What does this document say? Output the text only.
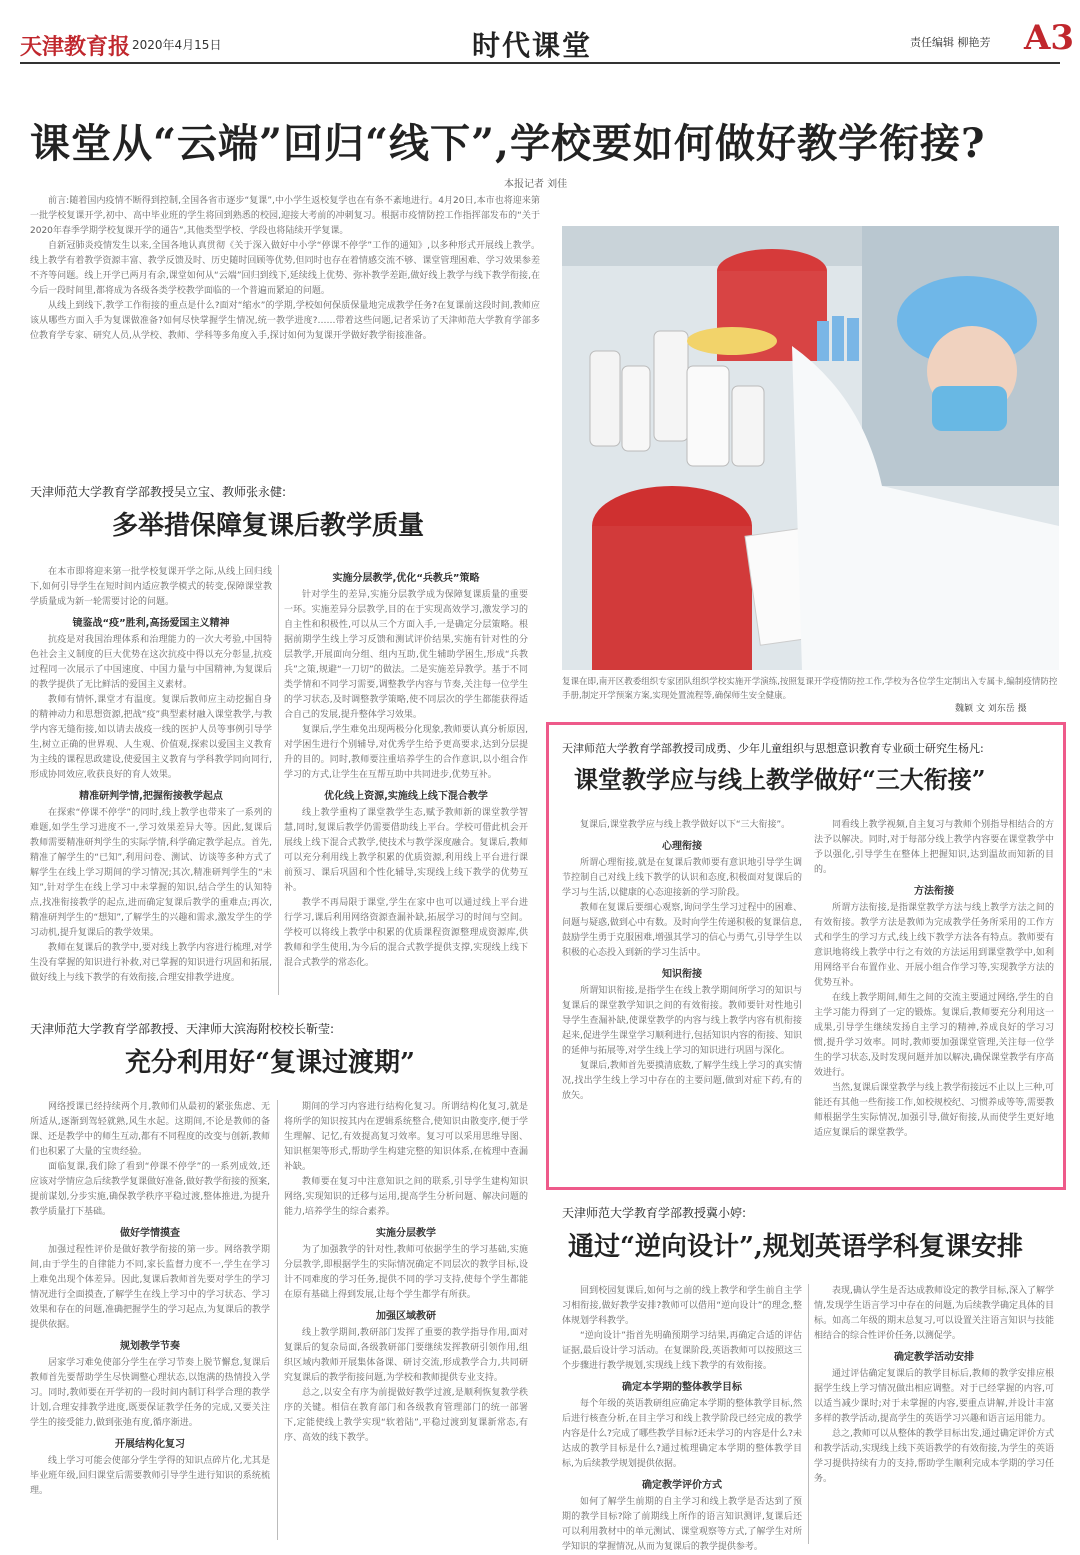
天津教育报 2020年4月15日	时代课堂	责任编辑 柳艳芳 A3
课堂从“云端”回归“线下”,学校要如何做好教学衔接?
本报记者 刘佳

前言:随着国内疫情不断得到控制,全国各省市逐步“复课”,中小学生返校复学也在有条不紊地进行。4月20日,本市也将迎来第一批学校复课开学,初中、高中毕业班的学生将回到熟悉的校园,迎接大考前的冲刺复习。根据市疫情防控工作指挥部发布的“关于2020年春季学期学校复课开学的通告”,其他类型学校、学段也将陆续开学复课。

自新冠肺炎疫情发生以来,全国各地认真贯彻《关于深入做好中小学“停课不停学”工作的通知》,以多种形式开展线上教学。线上教学有着教学资源丰富、教学反馈及时、历史随时回顾等优势,但同时也存在着情感交流不够、课堂管理困难、学习效果参差不齐等问题。线上开学已两月有余,课堂如何从“云端”回归到线下,延续线上优势、弥补教学差距,做好线上教学与线下教学衔接,在今后一段时间里,都将成为各级各类学校教学面临的一个普遍而紧迫的问题。

从线上到线下,教学工作衔接的重点是什么?面对“缩水”的学期,学校如何保质保量地完成教学任务?在复课前这段时间,教师应该从哪些方面入手为复课做准备?如何尽快掌握学生情况,统一教学进度?……带着这些问题,记者采访了天津师范大学教育学部多位教育学专家、研究人员,从学校、教师、学科等多角度入手,探讨如何为复课开学做好教学衔接准备。

复课在即,南开区教委组织专家团队组织学校实施开学演练,按照复课开学疫情防控工作,学校为各位学生定制出入专属卡,编制疫情防控手册,制定开学预案方案,实现处置流程等,确保师生安全健康。
魏颖 文 刘东岳 摄
天津师范大学教育学部教授吴立宝、教师张永健:
多举措保障复课后教学质量

在本市即将迎来第一批学校复课开学之际,从线上回归线下,如何引导学生在短时间内适应教学模式的转变,保障课堂教学质量成为新一轮需要讨论的问题。

镜鉴战“疫”胜利,高扬爱国主义精神

抗疫是对我国治理体系和治理能力的一次大考验,中国特色社会主义制度的巨大优势在这次抗疫中得以充分彰显,抗疫过程同一次展示了中国速度、中国力量与中国精神,为复课后的教学提供了无比鲜活的爱国主义素材。

教师有情怀,课堂才有温度。复课后教师应主动挖掘自身的精神动力和思想资源,把战“疫”典型素材融入课堂教学,与教学内容无缝衔接,如以请去战疫一线的医护人员等事例引导学生,树立正确的世界观、人生观、价值观,探索以爱国主义教育为主线的课程思政建设,使爱国主义教育与学科教学同向同行,形成协同效应,收获良好的育人效果。

精准研判学情,把握衔接教学起点

在探索“停课不停学”的同时,线上教学也带来了一系列的难题,如学生学习进度不一,学习效果差异大等。因此,复课后教师需要精准研判学生的实际学情,科学确定教学起点。首先,精准了解学生的“已知”,利用问卷、测试、访谈等多种方式了解学生在线上学习期间的学习情况;其次,精准研判学生的“未知”,针对学生在线上学习中未掌握的知识,结合学生的认知特点,找准衔接教学的起点,进而确定复课后教学的重难点;再次,精准研判学生的“想知”,了解学生的兴趣和需求,激发学生的学习动机,提升复课后的教学效果。

教师在复课后的教学中,要对线上教学内容进行梳理,对学生没有掌握的知识进行补救,对已掌握的知识进行巩固和拓展,做好线上与线下教学的有效衔接,合理安排教学进度。

实施分层教学,优化“兵教兵”策略

针对学生的差异,实施分层教学成为保障复课质量的重要一环。实施差异分层教学,目的在于实现高效学习,激发学习的自主性和积极性,可以从三个方面入手,一是确定分层策略。根据前期学生线上学习反馈和测试评价结果,实施有针对性的分层教学,开展面向分组、组内互助,优生辅助学困生,形成“兵教兵”之策,规避“一刀切”的做法。二是实施差异教学。基于不同类学情和不同学习需要,调整教学内容与节奏,关注每一位学生的学习状态,及时调整教学策略,使不同层次的学生都能获得适合自己的发展,提升整体学习效果。

复课后,学生难免出现两极分化现象,教师要认真分析原因,对学困生进行个别辅导,对优秀学生给予更高要求,达到分层提升的目的。同时,教师要注重培养学生的合作意识,以小组合作学习的方式,让学生在互帮互助中共同进步,优势互补。

优化线上资源,实施线上线下混合教学

线上教学重构了课堂教学生态,赋予教师新的课堂教学智慧,同时,复课后教学仍需要借助线上平台。学校可借此机会开展线上线下混合式教学,使技术与教学深度融合。复课后,教师可以充分利用线上教学积累的优质资源,利用线上平台进行课前预习、课后巩固和个性化辅导,实现线上线下教学的优势互补。

教学不再局限于课堂,学生在家中也可以通过线上平台进行学习,课后利用网络资源查漏补缺,拓展学习的时间与空间。学校可以将线上教学中积累的优质课程资源整理成资源库,供教师和学生使用,为今后的混合式教学提供支撑,实现线上线下混合式教学的常态化。

天津师范大学教育学部教授、天津师大滨海附校校长靳莹:
充分利用好“复课过渡期”

网络授课已经持续两个月,教师们从最初的紧张焦虑、无所适从,逐渐到驾轻就熟,风生水起。这期间,不论是教师的备课、还是教学中的师生互动,都有不同程度的改变与创新,教师们也积累了大量的宝贵经验。

面临复课,我们除了看到“停课不停学”的一系列成效,还应该对学情应急后续教学复课做好准备,做好教学衔接的预案,提前谋划,分步实施,确保教学秩序平稳过渡,整体推进,为提升教学质量打下基础。

做好学情摸查

加强过程性评价是做好教学衔接的第一步。网络教学期间,由于学生的自律能力不同,家长监督力度不一,学生在学习上难免出现个体差异。因此,复课后教师首先要对学生的学习情况进行全面摸查,了解学生在线上学习中的学习状态、学习效果和存在的问题,准确把握学生的学习起点,为复课后的教学提供依据。

规划教学节奏

居家学习难免使部分学生在学习节奏上脱节懈怠,复课后教师首先要帮助学生尽快调整心理状态,以饱满的热情投入学习。同时,教师要在开学初的一段时间内制订科学合理的教学计划,合理安排教学进度,既要保证教学任务的完成,又要关注学生的接受能力,做到张弛有度,循序渐进。

开展结构化复习

线上学习可能会使部分学生学得的知识点碎片化,尤其是毕业班年级,回归课堂后需要教师引导学生进行知识的系统梳理。

期间的学习内容进行结构化复习。所谓结构化复习,就是将所学的知识按其内在逻辑系统整合,使知识由散变序,便于学生理解、记忆,有效提高复习效率。复习可以采用思维导图、知识框架等形式,帮助学生构建完整的知识体系,在梳理中查漏补缺。

教师要在复习中注意知识之间的联系,引导学生建构知识网络,实现知识的迁移与运用,提高学生分析问题、解决问题的能力,培养学生的综合素养。

实施分层教学

为了加强教学的针对性,教师可依据学生的学习基础,实施分层教学,即根据学生的实际情况确定不同层次的教学目标,设计不同难度的学习任务,提供不同的学习支持,使每个学生都能在原有基础上得到发展,让每个学生都学有所获。

加强区域教研

线上教学期间,教研部门发挥了重要的教学指导作用,面对复课后的复杂局面,各级教研部门要继续发挥教研引领作用,组织区域内教师开展集体备课、研讨交流,形成教学合力,共同研究复课后的教学衔接问题,为学校和教师提供专业支持。

总之,以安全有序为前提做好教学过渡,是顺利恢复教学秩序的关键。相信在教育部门和各级教育管理部门的统一部署下,定能使线上教学实现“软着陆”,平稳过渡到复课新常态,有序、高效的线下教学。

天津师范大学教育学部教授司成勇、少年儿童组织与思想意识教育专业硕士研究生杨凡:
课堂教学应与线上教学做好“三大衔接”

复课后,课堂教学应与线上教学做好以下“三大衔接”。

心理衔接

所谓心理衔接,就是在复课后教师要有意识地引导学生调节控制自己对线上线下教学的认识和态度,积极面对复课后的学习与生活,以健康的心态迎接新的学习阶段。

教师在复课后要细心观察,询问学生学习过程中的困难、问题与疑惑,做到心中有数。及时向学生传递积极的复课信息,鼓励学生勇于克服困难,增强其学习的信心与勇气,引导学生以积极的心态投入到新的学习生活中。

知识衔接

所谓知识衔接,是指学生在线上教学期间所学习的知识与复课后的课堂教学知识之间的有效衔接。教师要针对性地引导学生查漏补缺,使课堂教学的内容与线上教学内容有机衔接起来,促进学生课堂学习顺利进行,包括知识内容的衔接、知识的延伸与拓展等,对学生线上学习的知识进行巩固与深化。

复课后,教师首先要摸清底数,了解学生线上学习的真实情况,找出学生线上学习中存在的主要问题,做到对症下药,有的放矢。

同看线上教学视频,自主复习与教师个别指导相结合的方法予以解决。同时,对于每部分线上教学内容要在课堂教学中予以强化,引导学生在整体上把握知识,达到温故而知新的目的。

方法衔接

所谓方法衔接,是指课堂教学方法与线上教学方法之间的有效衔接。教学方法是教师为完成教学任务所采用的工作方式和学生的学习方式,线上线下教学方法各有特点。教师要有意识地将线上教学中行之有效的方法运用到课堂教学中,如利用网络平台布置作业、开展小组合作学习等,实现教学方法的优势互补。

在线上教学期间,师生之间的交流主要通过网络,学生的自主学习能力得到了一定的锻炼。复课后,教师要充分利用这一成果,引导学生继续发扬自主学习的精神,养成良好的学习习惯,提升学习效率。同时,教师要加强课堂管理,关注每一位学生的学习状态,及时发现问题并加以解决,确保课堂教学有序高效进行。

当然,复课后课堂教学与线上教学衔接远不止以上三种,可能还有其他一些衔接工作,如校规校纪、习惯养成等等,需要教师根据学生实际情况,加强引导,做好衔接,从而使学生更好地适应复课后的课堂教学。

天津师范大学教育学部教授冀小婷:
通过“逆向设计”,规划英语学科复课安排

回到校园复课后,如何与之前的线上教学和学生前自主学习相衔接,做好教学安排?教师可以借用“逆向设计”的理念,整体规划学科教学。

“逆向设计”指首先明确预期学习结果,再确定合适的评估证据,最后设计学习活动。在复课阶段,英语教师可以按照这三个步骤进行教学规划,实现线上线下教学的有效衔接。

确定本学期的整体教学目标

每个年级的英语教研组应确定本学期的整体教学目标,然后进行核查分析,在目主学习和线上教学阶段已经完成的教学内容是什么?完成了哪些教学目标?还未学习的内容是什么?未达成的教学目标是什么?通过梳理确定本学期的整体教学目标,为后续教学规划提供依据。

确定教学评价方式

如何了解学生前期的自主学习和线上教学是否达到了预期的教学目标?除了前期线上所作的语言知识测评,复课后还可以利用教材中的单元测试、课堂观察等方式,了解学生对所学知识的掌握情况,从而为复课后的教学提供参考。

表现,确认学生是否达成教师设定的教学目标,深入了解学情,发现学生语言学习中存在的问题,为后续教学确定具体的目标。如高二年级的期末总复习,可以设置关注语言知识与技能相结合的综合性评价任务,以测促学。

确定教学活动安排

通过评估确定复课后的教学目标后,教师的教学安排应根据学生线上学习情况做出相应调整。对于已经掌握的内容,可以适当减少课时;对于未掌握的内容,要重点讲解,并设计丰富多样的教学活动,提高学生的英语学习兴趣和语言运用能力。

总之,教师可以从整体的教学目标出发,通过确定评价方式和教学活动,实现线上线下英语教学的有效衔接,为学生的英语学习提供持续有力的支持,帮助学生顺利完成本学期的学习任务。
